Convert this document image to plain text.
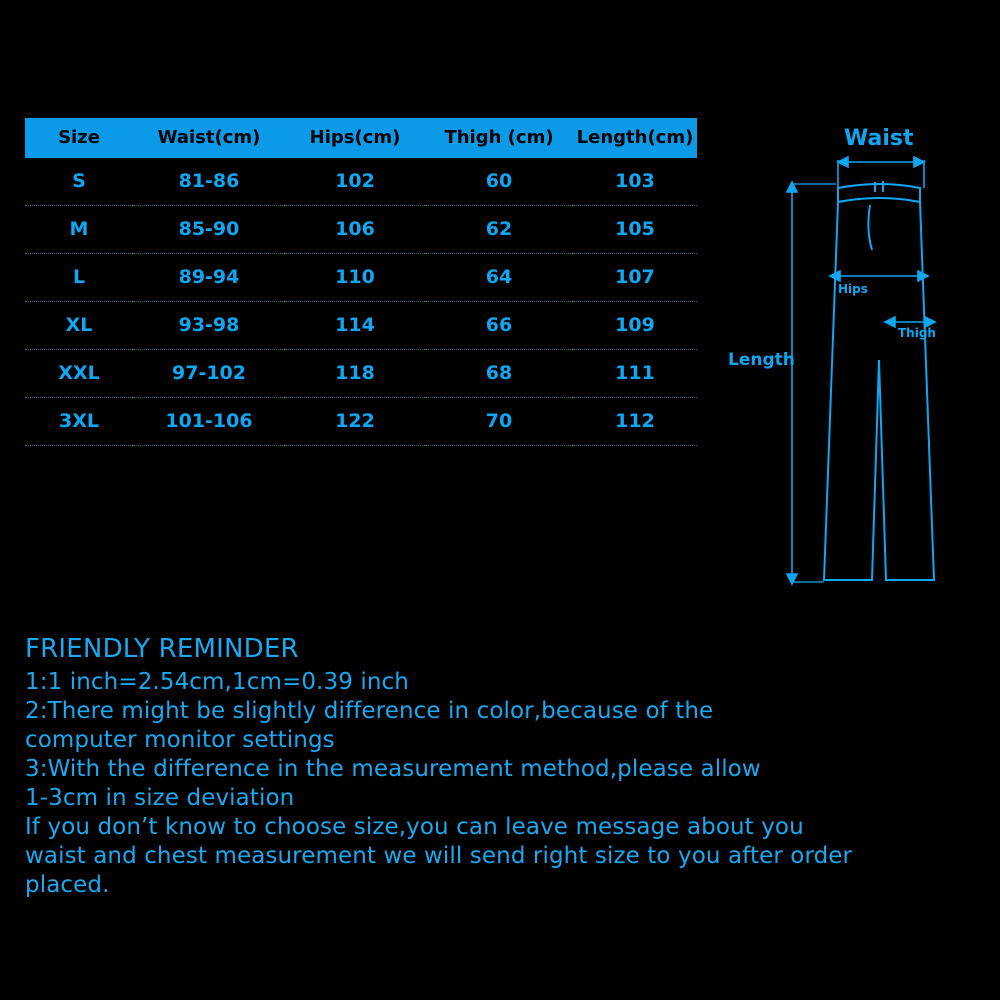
Size	Waist(cm)	Hips(cm)	Thigh (cm)	Length(cm)
S	81-86	102	60	103
M	85-90	106	62	105
L	89-94	110	64	107
XL	93-98	114	66	109
XXL	97-102	118	68	111
3XL	101-106	122	70	112
Waist
Hips
Thigh
Length
FRIENDLY REMINDER
1:1 inch=2.54cm,1cm=0.39 inch
2:There might be slightly difference in color,because of the
computer monitor settings
3:With the difference in the measurement method,please allow
1-3cm in size deviation
If you don’t know to choose size,you can leave message about you
waist and chest measurement we will send right size to you after order
placed.
